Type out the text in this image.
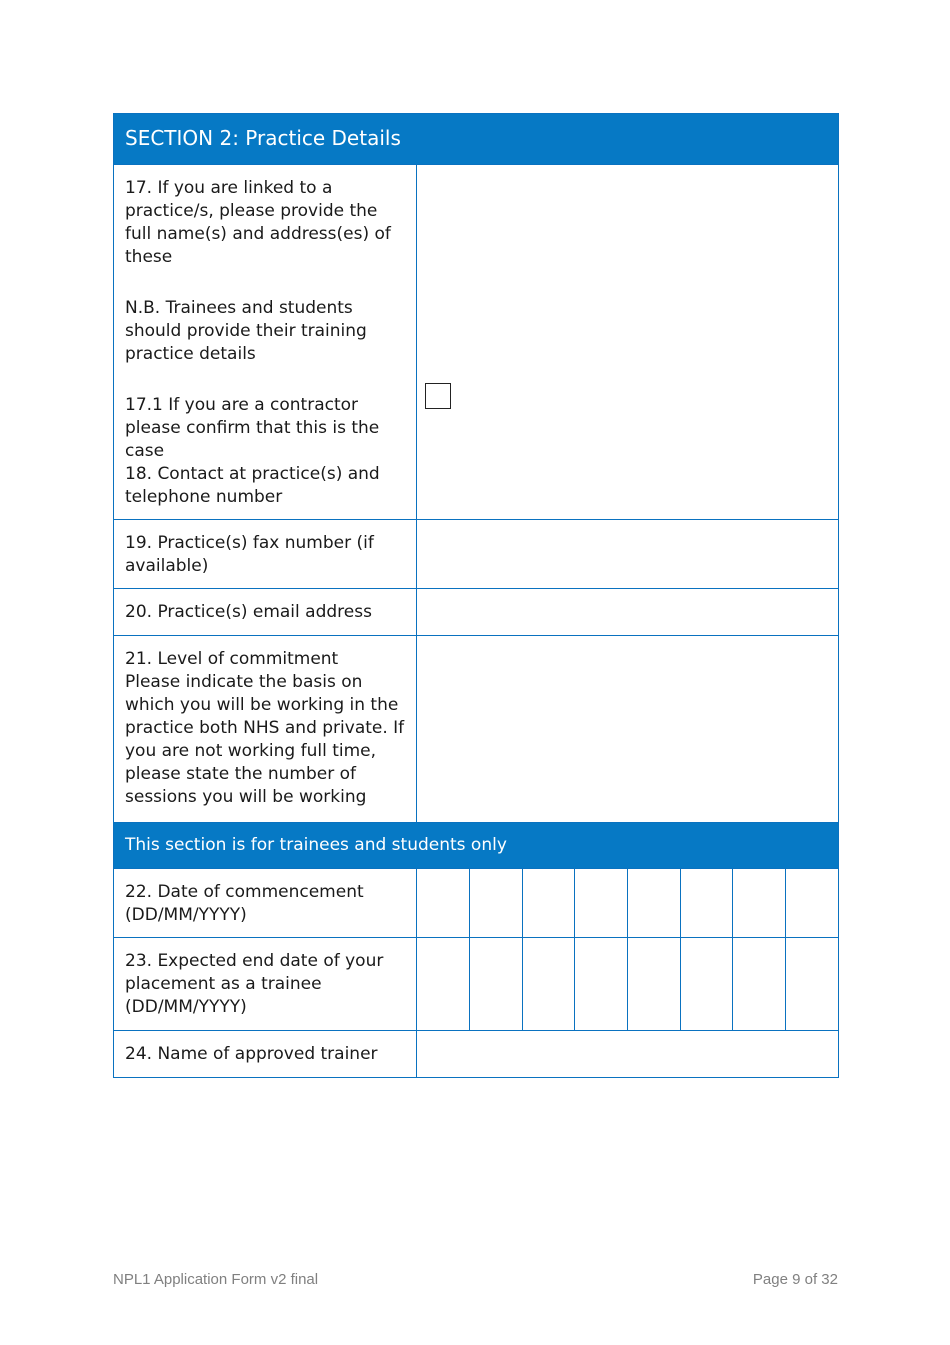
SECTION 2: Practice Details

17. If you are linked to a practice/s, please provide the full name(s) and address(es) of these

N.B. Trainees and students should provide their training practice details

17.1 If you are a contractor please confirm that this is the case

18. Contact at practice(s) and telephone number

19. Practice(s) fax number (if available)	
20. Practice(s) email address	

21. Level of commitment

Please indicate the basis on which you will be working in the practice both NHS and private. If you are not working full time, please state the number of sessions you will be working

This section is for trainees and students only
22. Date of commencement (DD/MM/YYYY)	

23. Expected end date of your placement as a trainee (DD/MM/YYYY)	

24. Name of approved trainer	
NPL1 Application Form v2 final	Page 9 of 32
